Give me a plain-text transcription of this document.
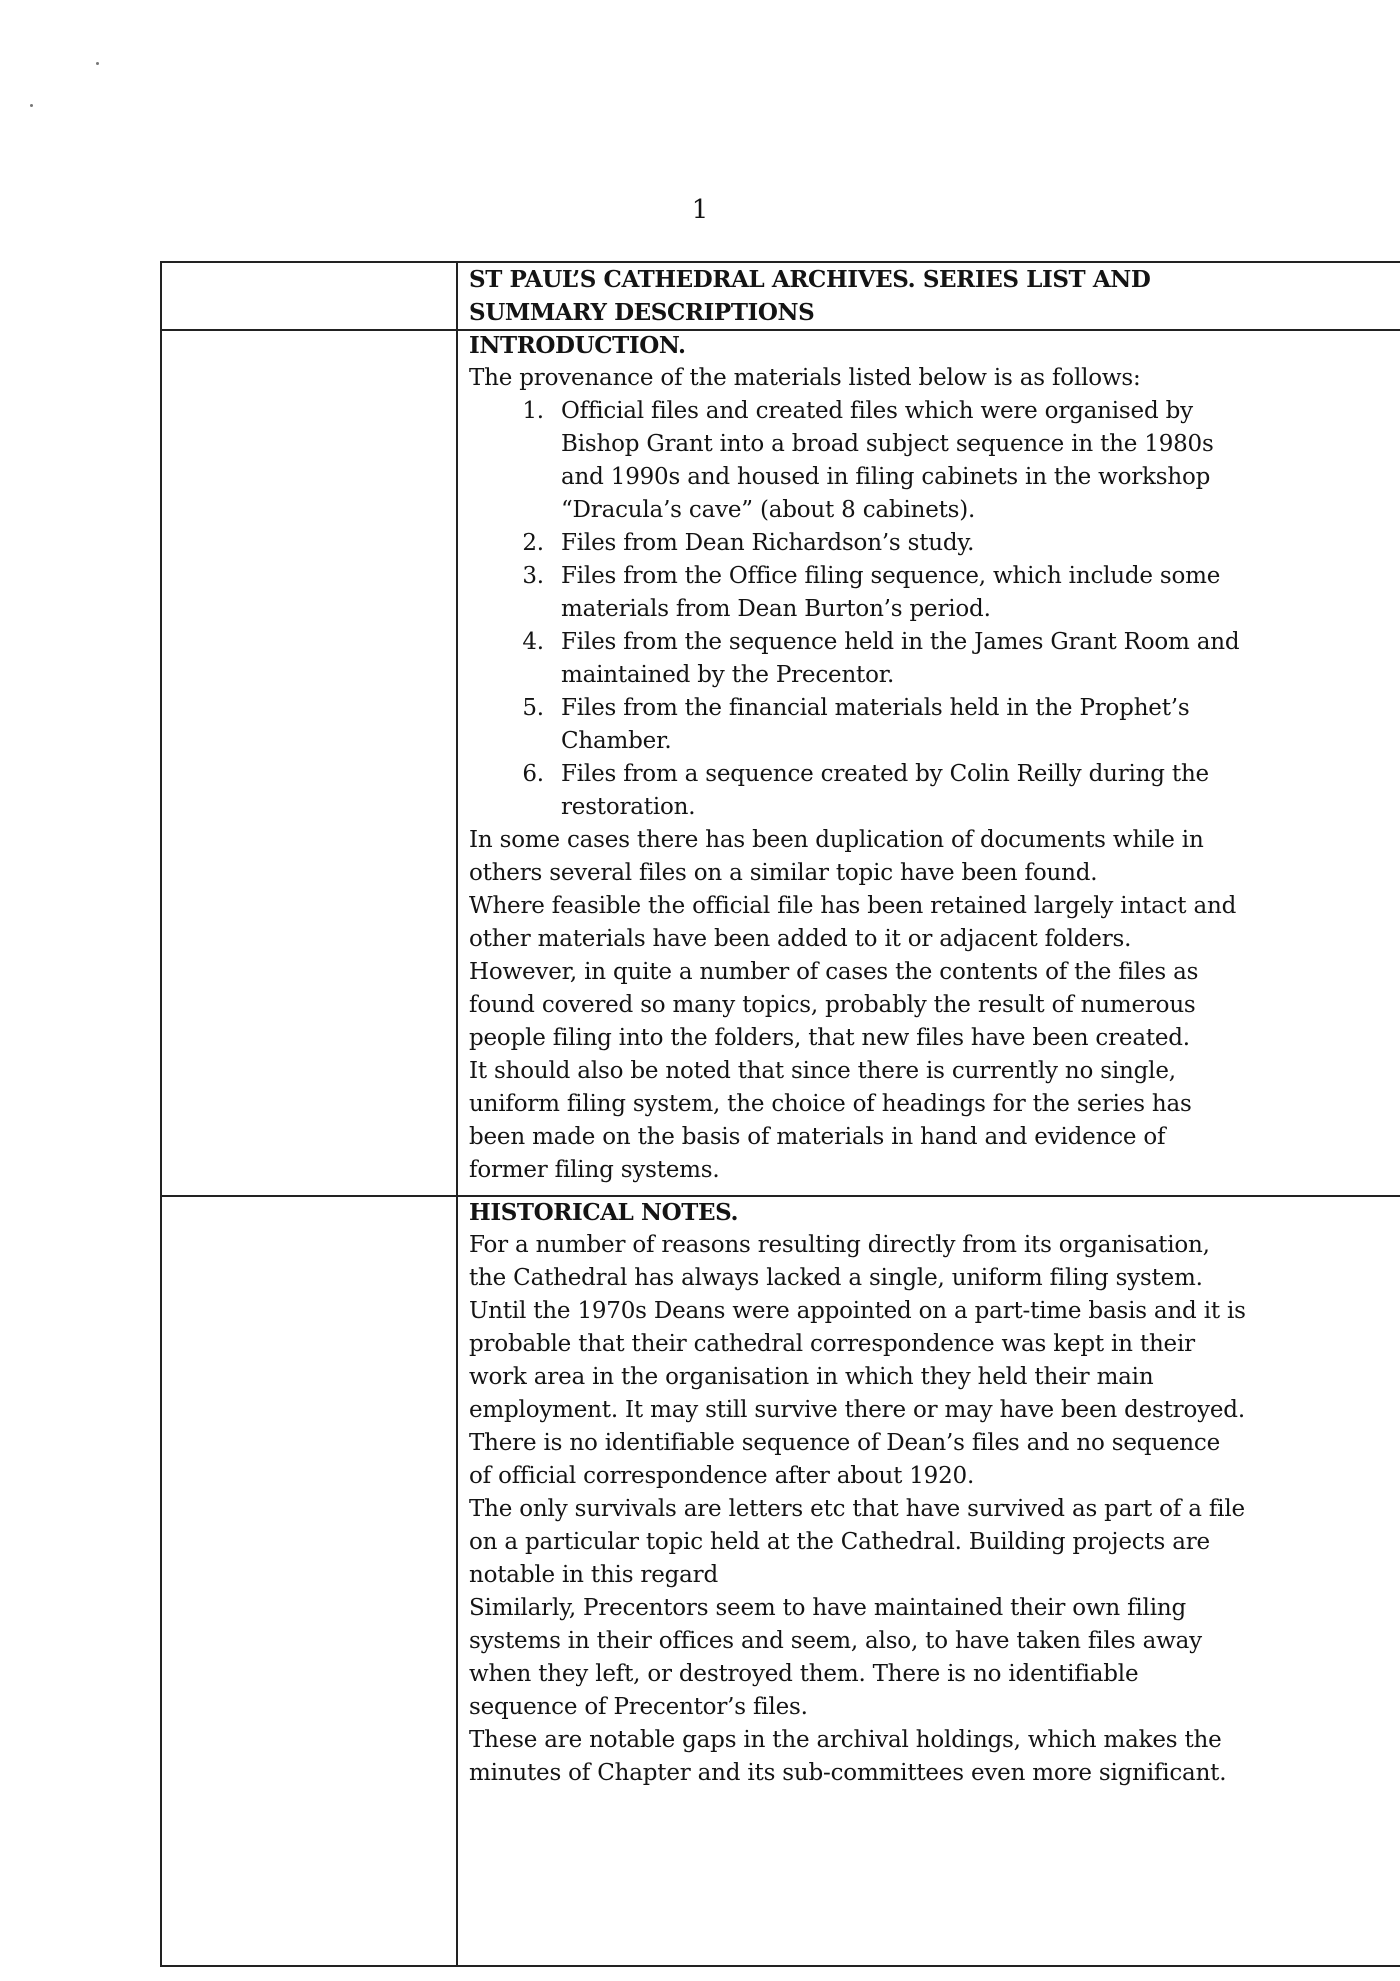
1

ST PAUL’S CATHEDRAL ARCHIVES. SERIES LIST AND SUMMARY DESCRIPTIONS

INTRODUCTION.

The provenance of the materials listed below is as follows:

1. Official files and created files which were organised by Bishop Grant into a broad subject sequence in the 1980s and 1990s and housed in filing cabinets in the workshop “Dracula’s cave” (about 8 cabinets).
2. Files from Dean Richardson’s study.
3. Files from the Office filing sequence, which include some materials from Dean Burton’s period.
4. Files from the sequence held in the James Grant Room and maintained by the Precentor.
5. Files from the financial materials held in the Prophet’s Chamber.
6. Files from a sequence created by Colin Reilly during the restoration.

In some cases there has been duplication of documents while in others several files on a similar topic have been found.

Where feasible the official file has been retained largely intact and other materials have been added to it or adjacent folders.

However, in quite a number of cases the contents of the files as found covered so many topics, probably the result of numerous people filing into the folders, that new files have been created.

It should also be noted that since there is currently no single, uniform filing system, the choice of headings for the series has been made on the basis of materials in hand and evidence of former filing systems.

HISTORICAL NOTES.

For a number of reasons resulting directly from its organisation, the Cathedral has always lacked a single, uniform filing system.

Until the 1970s Deans were appointed on a part-time basis and it is probable that their cathedral correspondence was kept in their work area in the organisation in which they held their main employment. It may still survive there or may have been destroyed.

There is no identifiable sequence of Dean’s files and no sequence of official correspondence after about 1920.

The only survivals are letters etc that have survived as part of a file on a particular topic held at the Cathedral. Building projects are notable in this regard

Similarly, Precentors seem to have maintained their own filing systems in their offices and seem, also, to have taken files away when they left, or destroyed them. There is no identifiable sequence of Precentor’s files.

These are notable gaps in the archival holdings, which makes the minutes of Chapter and its sub-committees even more significant.
